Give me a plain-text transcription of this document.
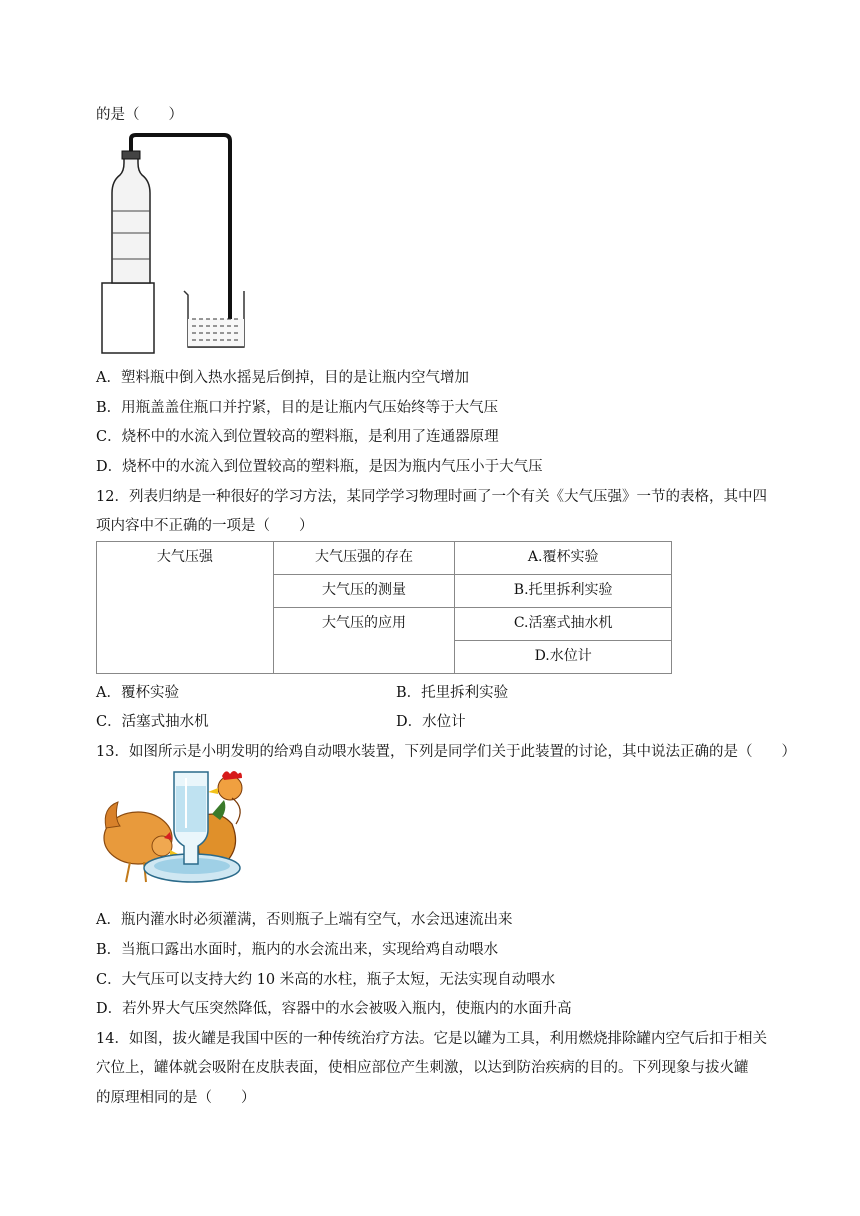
的是（　　）
A．塑料瓶中倒入热水摇晃后倒掉，目的是让瓶内空气增加
B．用瓶盖盖住瓶口并拧紧，目的是让瓶内气压始终等于大气压
C．烧杯中的水流入到位置较高的塑料瓶，是利用了连通器原理
D．烧杯中的水流入到位置较高的塑料瓶，是因为瓶内气压小于大气压
12．列表归纳是一种很好的学习方法，某同学学习物理时画了一个有关《大气压强》一节的表格，其中四
项内容中不正确的一项是（　　）
大气压强	大气压强的存在	A.覆杯实验
	大气压的测量	B.托里拆利实验
	大气压的应用	C.活塞式抽水机
		D.水位计
A．覆杯实验	B．托里拆利实验
C．活塞式抽水机	D．水位计
13．如图所示是小明发明的给鸡自动喂水装置，下列是同学们关于此装置的讨论，其中说法正确的是（　　）
A．瓶内灌水时必须灌满，否则瓶子上端有空气，水会迅速流出来
B．当瓶口露出水面时，瓶内的水会流出来，实现给鸡自动喂水
C．大气压可以支持大约 10 米高的水柱，瓶子太短，无法实现自动喂水
D．若外界大气压突然降低，容器中的水会被吸入瓶内，使瓶内的水面升高
14．如图，拔火罐是我国中医的一种传统治疗方法。它是以罐为工具，利用燃烧排除罐内空气后扣于相关
穴位上，罐体就会吸附在皮肤表面，使相应部位产生刺激，以达到防治疾病的目的。下列现象与拔火罐
的原理相同的是（　　）
